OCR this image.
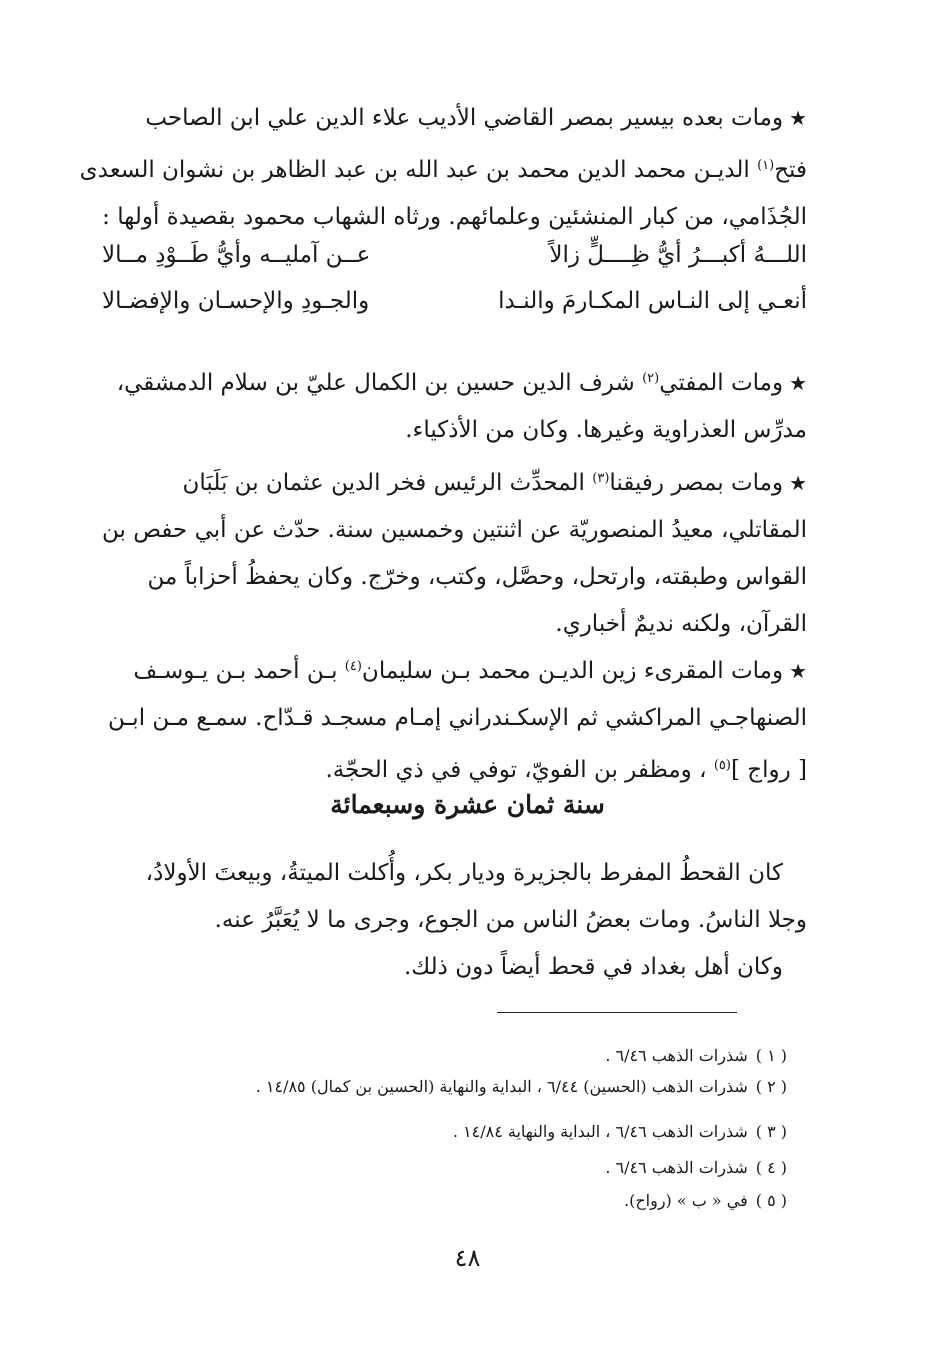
★ومات بعده بيسير بمصر القاضي الأديب علاء الدين علي ابن الصاحب
فتح$^{(١)}$ الديـن محمد الدين محمد بن عبد الله بن عبد الظاهر بن نشوان السعدى
الجُذَامي، من كبار المنشئين وعلمائهم. ورثاه الشهاب محمود بقصيدة أولها :
اللـــهُ أكبـــرُ أيُّ ظِــــلٍّ زالاً
عــن آمليــه وأيُّ طَــوْدِ مــالا
أنعـي إلى النـاس المكـارمَ والنـدا
والجـودِ والإحسـان والإفضـالا
★ومات المفتي$^{(٢)}$ شرف الدين حسين بن الكمال عليّ بن سلام الدمشقي،
مدرِّس العذراوية وغيرها. وكان من الأذكياء.
★ومات بمصر رفيقنا$^{(٣)}$ المحدِّث الرئيس فخر الدين عثمان بن بَلَبَان
المقاتلي، معيدُ المنصوريّة عن اثنتين وخمسين سنة. حدّث عن أبي حفص بن
القواس وطبقته، وارتحل، وحصَّل، وكتب، وخرّج. وكان يحفظُ أحزاباً من
القرآن، ولكنه نديمٌ أخباري.
★ومات المقرىء زين الديـن محمد بـن سليمان$^{(٤)}$ بـن أحمد بـن يـوسـف
الصنهاجـي المراكشي ثم الإسكـندراني إمـام مسجـد قـدّاح. سمـع مـن ابـن
[ رواج ]$^{(٥)}$ ، ومظفر بن الفويّ، توفي في ذي الحجّة.
سنة ثمان عشرة وسبعمائة
كان القحطُ المفرط بالجزيرة وديار بكر، وأُكلت الميتةُ، وبيعتَ الأولادُ،
وجلا الناسُ. ومات بعضُ الناس من الجوع، وجرى ما لا يُعَبَّرُ عنه.
وكان أهل بغداد في قحط أيضاً دون ذلك.
( ١ )شذرات الذهب ٦/٤٦ .
( ٢ )شذرات الذهب (الحسين) ٦/٤٤ ، البداية والنهاية (الحسين بن كمال) ١٤/٨٥ .
( ٣ )شذرات الذهب ٦/٤٦ ، البداية والنهاية ١٤/٨٤ .
( ٤ )شذرات الذهب ٦/٤٦ .
( ٥ )في « ب » (رواح).
٤٨
